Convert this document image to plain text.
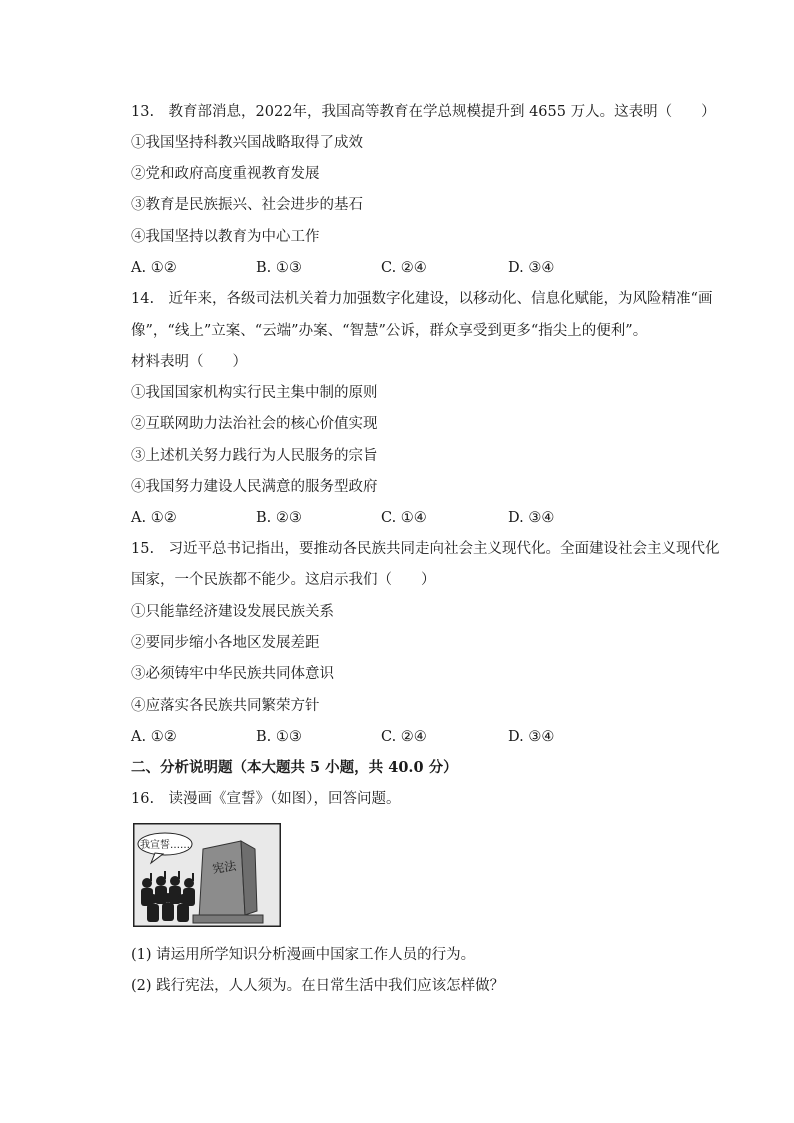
13.　教育部消息，2022年，我国高等教育在学总规模提升到 4655 万人。这表明（　　）
①我国坚持科教兴国战略取得了成效
②党和政府高度重视教育发展
③教育是民族振兴、社会进步的基石
④我国坚持以教育为中心工作
A. ①②	B. ①③	C. ②④	D. ③④
14.　近年来，各级司法机关着力加强数字化建设，以移动化、信息化赋能，为风险精准“画
像”，“线上”立案、“云端”办案、“智慧”公诉，群众享受到更多“指尖上的便利”。
材料表明（　　）
①我国国家机构实行民主集中制的原则
②互联网助力法治社会的核心价值实现
③上述机关努力践行为人民服务的宗旨
④我国努力建设人民满意的服务型政府
A. ①②	B. ②③	C. ①④	D. ③④
15.　习近平总书记指出，要推动各民族共同走向社会主义现代化。全面建设社会主义现代化
国家，一个民族都不能少。这启示我们（　　）
①只能靠经济建设发展民族关系
②要同步缩小各地区发展差距
③必须铸牢中华民族共同体意识
④应落实各民族共同繁荣方针
A. ①②	B. ①③	C. ②④	D. ③④
二、分析说明题（本大题共 5 小题，共 40.0 分）
16.　读漫画《宣誓》（如图），回答问题。
我宣誓……
宪法
(1) 请运用所学知识分析漫画中国家工作人员的行为。
(2) 践行宪法，人人须为。在日常生活中我们应该怎样做？
